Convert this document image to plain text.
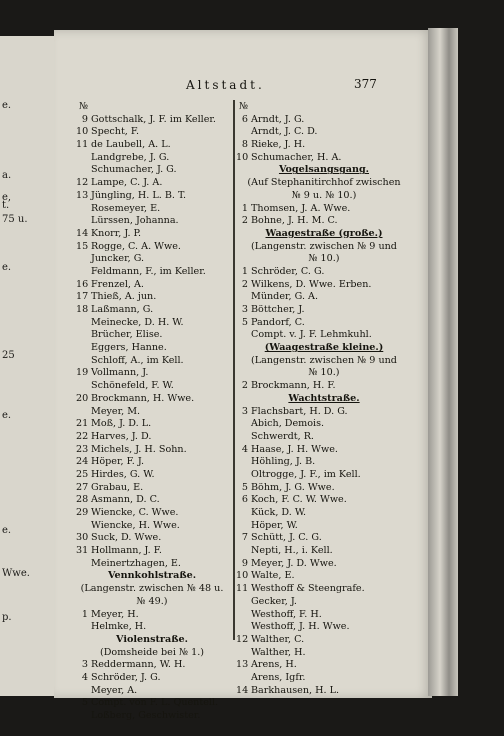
e.
a.
e,
t.
75 u.
e.
25
e.
e.
Wwe.
p.
Altstadt.	377
№
9 Gottschalk, J. F. im Keller.
10 Specht, F.
11 de Laubell, A. L.
Landgrebe, J. G.
Schumacher, J. G.
12 Lampe, C. J. A.
13 Jüngling, H. L. B. T.
Rosemeyer, E.
Lürssen, Johanna.
14 Knorr, J. P.
15 Rogge, C. A. Wwe.
Juncker, G.
Feldmann, F., im Keller.
16 Frenzel, A.
17 Thieß, A. jun.
18 Laßmann, G.
Meinecke, D. H. W.
Brücher, Elise.
Eggers, Hanne.
Schloff, A., im Kell.
19 Vollmann, J.
Schönefeld, F. W.
20 Brockmann, H. Wwe.
Meyer, M.
21 Moß, J. D. L.
22 Harves, J. D.
23 Michels, J. H. Sohn.
24 Höper, F. J.
25 Hirdes, G. W.
27 Grabau, E.
28 Asmann, D. C.
29 Wiencke, C. Wwe.
Wiencke, H. Wwe.
30 Suck, D. Wwe.
31 Hollmann, J. F.
Meinertzhagen, E.
Vennkohlstraße.
(Langenstr. zwischen № 48 u.
№ 49.)
1 Meyer, H.
Helmke, H.
Violenstraße.
(Domsheide bei № 1.)
3 Reddermann, W. H.
4 Schröder, J. G.
Meyer, A.
5 Compt. von F. L. Quentell.
Loßberg, Geschwister.
№
6 Arndt, J. G.
Arndt, J. C. D.
8 Rieke, J. H.
10 Schumacher, H. A.
Vogelsangsgang.
(Auf Stephanitirchhof zwischen
№ 9 u. № 10.)
1 Thomsen, J. A. Wwe.
2 Bohne, J. H. M. C.
Waagestraße (große.)
(Langenstr. zwischen № 9 und
№ 10.)
1 Schröder, C. G.
2 Wilkens, D. Wwe. Erben.
Münder, G. A.
3 Böttcher, J.
5 Pandorf, C.
Compt. v. J. F. Lehmkuhl.
(Waagestraße kleine.)
(Langenstr. zwischen № 9 und
№ 10.)
2 Brockmann, H. F.
Wachtstraße.
3 Flachsbart, H. D. G.
Abich, Demois.
Schwerdt, R.
4 Haase, J. H. Wwe.
Höhling, J. B.
Oltrogge, J. F., im Kell.
5 Böhm, J. G. Wwe.
6 Koch, F. C. W. Wwe.
Kück, D. W.
Höper, W.
7 Schütt, J. C. G.
Nepti, H., i. Kell.
9 Meyer, J. D. Wwe.
10 Walte, E.
11 Westhoff & Steengrafe.
Gecker, J.
Westhoff, F. H.
Westhoff, J. H. Wwe.
12 Walther, C.
Walther, H.
13 Arens, H.
Arens, Igfr.
14 Barkhausen, H. L.
